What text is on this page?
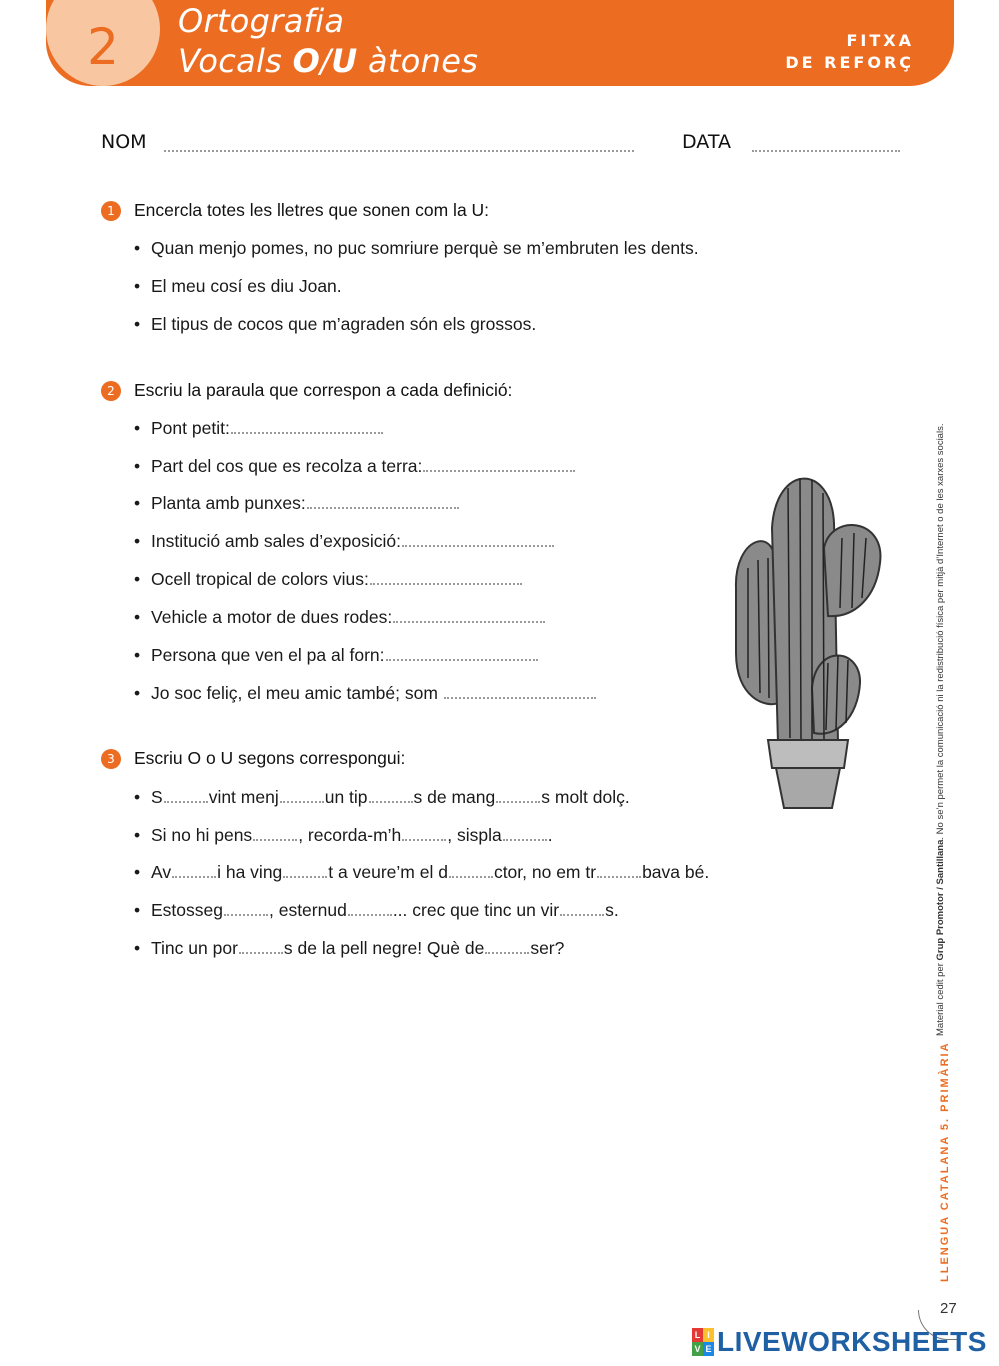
2	Ortografia
Vocals O/U àtones
FITXA
DE REFORÇ
NOM	DATA
1	Encercla totes les lletres que sonen com la U:
• Quan menjo pomes, no puc somriure perquè se m’embruten les dents.
• El meu cosí es diu Joan.
• El tipus de cocos que m’agraden són els grossos.
2	Escriu la paraula que correspon a cada definició:
• Pont petit:
• Part del cos que es recolza a terra:
• Planta amb punxes:
• Institució amb sales d’exposició:
• Ocell tropical de colors vius:
• Vehicle a motor de dues rodes:
• Persona que ven el pa al forn:
• Jo soc feliç, el meu amic també; som

3	Escriu O o U segons correspongui:
• S	vint menj	un tip	s de mang	s molt dolç.
• Si no hi pens	, recorda-m’h	, sispla	.
• Av	i ha ving	t a veure’m el d	ctor, no em tr	bava bé.
• Estosseg	, esternud	... crec que tinc un vir	s.
• Tinc un por	s de la pell negre! Què de	ser?
Material cedit per Grup Promotor / Santillana. No se’n permet la comunicació ni la redistribució física per mitjà d’Internet o de les xarxes socials.
LLENGUA CATALANA 5. PRIMÀRIA
27
L I
V E LIVEWORKSHEETS
